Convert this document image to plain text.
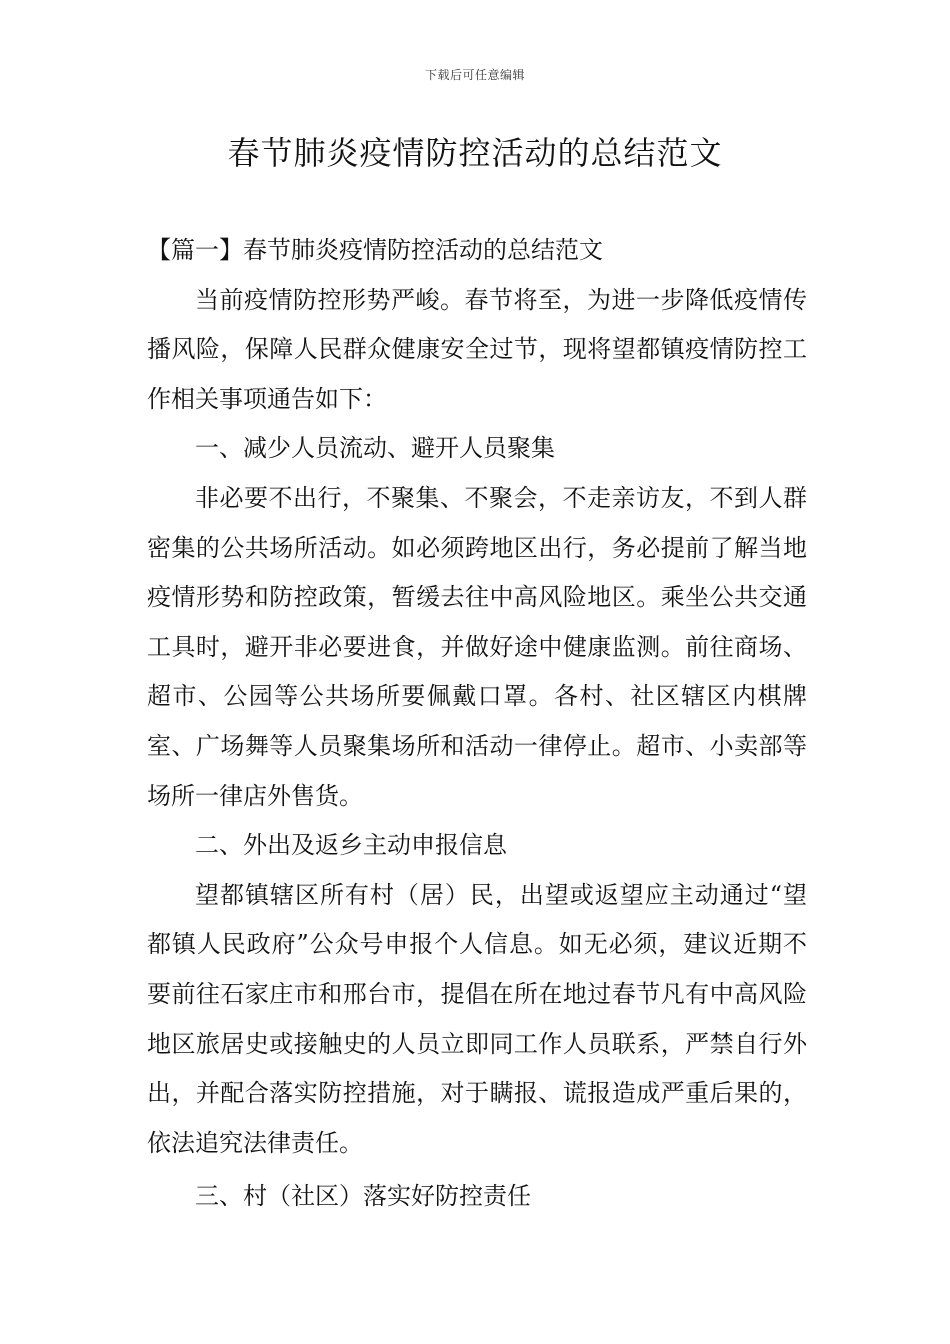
下载后可任意编辑
春节肺炎疫情防控活动的总结范文

【篇一】春节肺炎疫情防控活动的总结范文

当前疫情防控形势严峻。春节将至，为进一步降低疫情传播风险，保障人民群众健康安全过节，现将望都镇疫情防控工作相关事项通告如下：

一、减少人员流动、避开人员聚集

非必要不出行，不聚集、不聚会，不走亲访友，不到人群密集的公共场所活动。如必须跨地区出行，务必提前了解当地疫情形势和防控政策，暂缓去往中高风险地区。乘坐公共交通工具时，避开非必要进食，并做好途中健康监测。前往商场、超市、公园等公共场所要佩戴口罩。各村、社区辖区内棋牌室、广场舞等人员聚集场所和活动一律停止。超市、小卖部等场所一律店外售货。

二、外出及返乡主动申报信息

望都镇辖区所有村（居）民，出望或返望应主动通过“望都镇人民政府”公众号申报个人信息。如无必须，建议近期不要前往石家庄市和邢台市，提倡在所在地过春节凡有中高风险地区旅居史或接触史的人员立即同工作人员联系，严禁自行外出，并配合落实防控措施，对于瞒报、谎报造成严重后果的，依法追究法律责任。

三、村（社区）落实好防控责任
